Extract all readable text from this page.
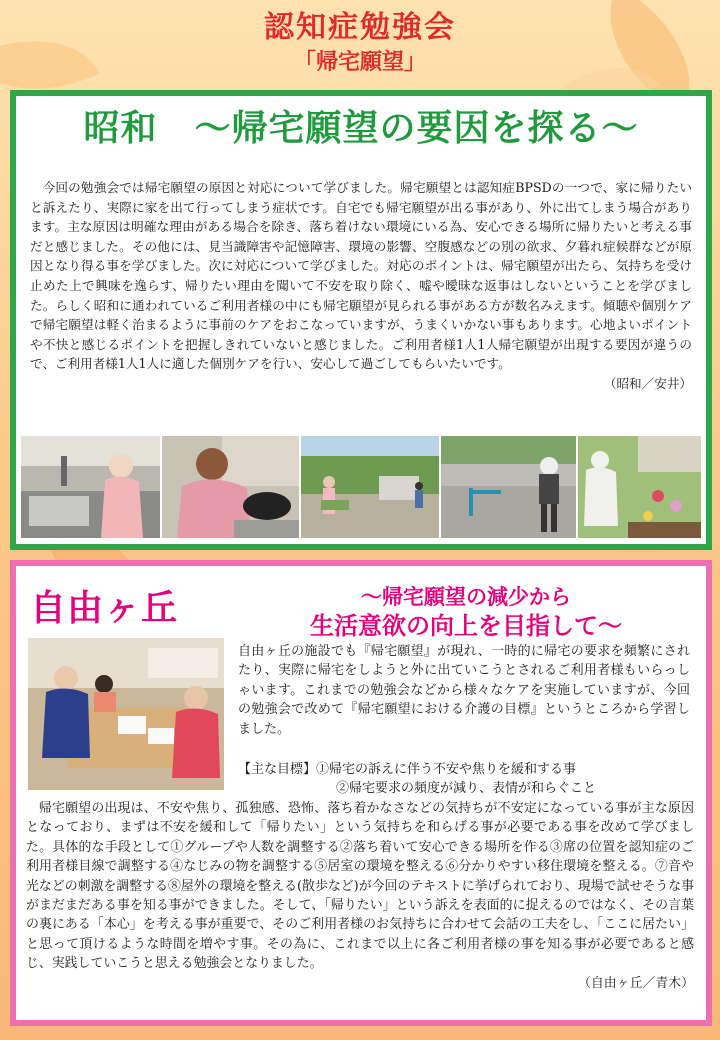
認知症勉強会
「帰宅願望」
昭和　～帰宅願望の要因を探る～
今回の勉強会では帰宅願望の原因と対応について学びました。帰宅願望とは認知症BPSDの一つで、家に帰りたいと訴えたり、実際に家を出て行ってしまう症状です。自宅でも帰宅願望が出る事があり、外に出てしまう場合があります。主な原因は明確な理由がある場合を除き、落ち着けない環境にいる為、安心できる場所に帰りたいと考える事だと感じました。その他には、見当識障害や記憶障害、環境の影響、空腹感などの別の欲求、夕暮れ症候群などが原因となり得る事を学びました。次に対応について学びました。対応のポイントは、帰宅願望が出たら、気持ちを受け止めた上で興味を逸らす、帰りたい理由を聞いて不安を取り除く、嘘や曖昧な返事はしないということを学びました。らしく昭和に通われているご利用者様の中にも帰宅願望が見られる事がある方が数名みえます。傾聴や個別ケアで帰宅願望は軽く治まるように事前のケアをおこなっていますが、うまくいかない事もあります。心地よいポイントや不快と感じるポイントを把握しきれていないと感じました。ご利用者様1人1人帰宅願望が出現する要因が違うので、ご利用者様1人1人に適した個別ケアを行い、安心して過ごしてもらいたいです。
（昭和／安井）
自由ヶ丘	～帰宅願望の減少から
生活意欲の向上を目指して～
自由ヶ丘の施設でも『帰宅願望』が現れ、一時的に帰宅の要求を頻繁にされたり、実際に帰宅をしようと外に出ていこうとされるご利用者様もいらっしゃいます。これまでの勉強会などから様々なケアを実施していますが、今回の勉強会で改めて『帰宅願望における介護の目標』というところから学習しました。
【主な目標】①帰宅の訴えに伴う不安や焦りを緩和する事
②帰宅要求の頻度が減り、表情が和らぐこと
帰宅願望の出現は、不安や焦り、孤独感、恐怖、落ち着かなさなどの気持ちが不安定になっている事が主な原因となっており、まずは不安を緩和して「帰りたい」という気持ちを和らげる事が必要である事を改めて学びました。具体的な手段として①グループや人数を調整する②落ち着いて安心できる場所を作る③席の位置を認知症のご利用者様目線で調整する④なじみの物を調整する⑤居室の環境を整える⑥分かりやすい移住環境を整える。⑦音や光などの刺激を調整する⑧屋外の環境を整える(散歩など)が今回のテキストに挙げられており、現場で試せそうな事がまだまだある事を知る事ができました。そして、「帰りたい」という訴えを表面的に捉えるのではなく、その言葉の裏にある「本心」を考える事が重要で、そのご利用者様のお気持ちに合わせて会話の工夫をし、「ここに居たい」と思って頂けるような時間を増やす事。その為に、これまで以上に各ご利用者様の事を知る事が必要であると感じ、実践していこうと思える勉強会となりました。
（自由ヶ丘／青木）
